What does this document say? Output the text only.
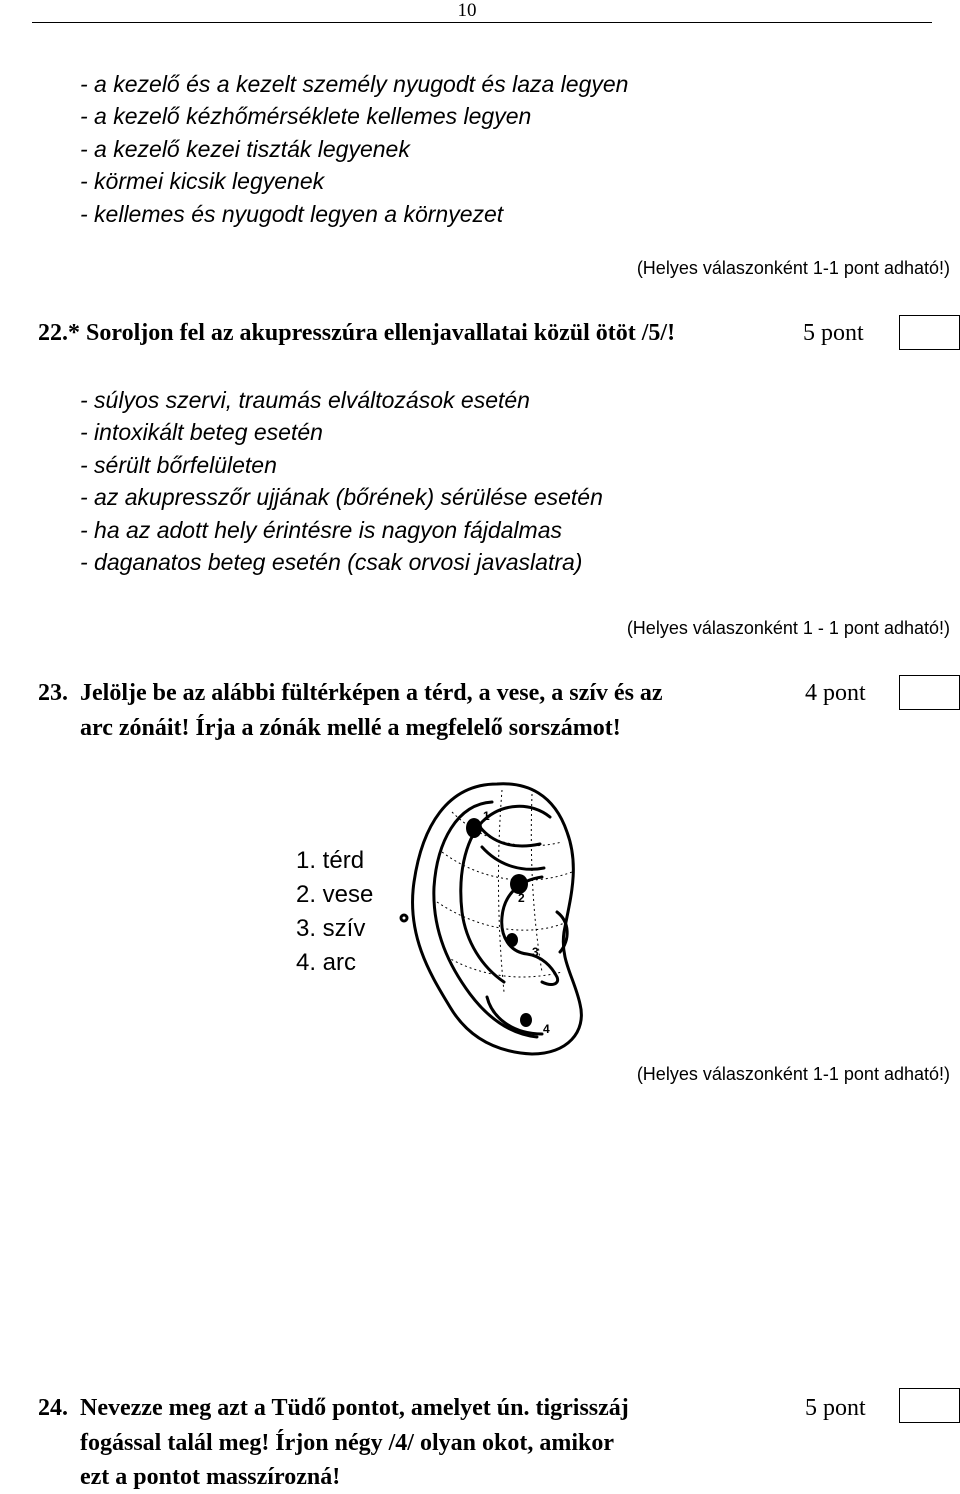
10
- a kezelő és a kezelt személy nyugodt és laza legyen
- a kezelő kézhőmérséklete kellemes legyen
- a kezelő kezei tiszták legyenek
- körmei kicsik legyenek
- kellemes és nyugodt legyen a környezet
(Helyes válaszonként 1-1 pont adható!)
22.* Soroljon fel az akupresszúra ellenjavallatai közül ötöt /5/!	5 pont
- súlyos szervi, traumás elváltozások esetén
- intoxikált beteg esetén
- sérült bőrfelületen
- az akupresszőr ujjának (bőrének) sérülése esetén
- ha az adott hely érintésre is nagyon fájdalmas
- daganatos beteg esetén (csak orvosi javaslatra)
(Helyes válaszonként 1 - 1 pont adható!)
23. Jelölje be az alábbi fültérképen a térd, a vese, a szív és az
arc zónáit! Írja a zónák mellé a megfelelő sorszámot!
4 pont
1
2
3
4
1. térd
2. vese
3. szív
4. arc
(Helyes válaszonként 1-1 pont adható!)
24. Nevezze meg azt a Tüdő pontot, amelyet ún. tigrisszáj
fogással talál meg! Írjon négy /4/ olyan okot, amikor
ezt a pontot masszírozná!
5 pont
